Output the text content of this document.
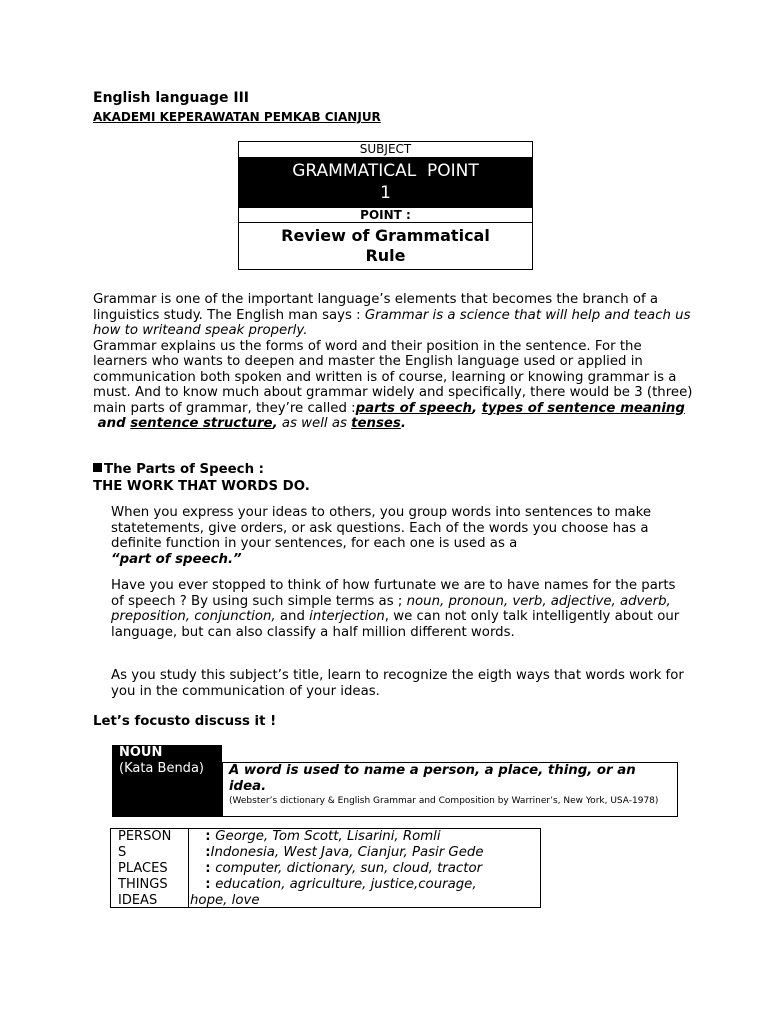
English language III
AKADEMI KEPERAWATAN PEMKAB CIANJUR
SUBJECT
GRAMMATICAL  POINT
1
POINT :
Review of Grammatical
Rule
Grammar is one of the important language’s elements that becomes the branch of a linguistics study. The English man says : Grammar is a science that will help and teach us how to writeand speak properly.
Grammar explains us the forms of word and their position in the sentence. For the learners who wants to deepen and master the English language used or applied in communication both spoken and written is of course, learning or knowing grammar is a must. And to know much about grammar widely and specifically, there would be 3 (three) main parts of grammar, they’re called :parts of speech, types of sentence meaning and sentence structure, as well as tenses.
The Parts of Speech :
THE WORK THAT WORDS DO.
When you express your ideas to others, you group words into sentences to make statetements, give orders, or ask questions. Each of the words you choose has a definite function in your sentences, for each one is used as a
“part of speech.”
Have you ever stopped to think of how furtunate we are to have names for the parts of speech ? By using such simple terms as ; noun, pronoun, verb, adjective, adverb, preposition, conjunction, and interjection, we can not only talk intelligently about our language, but can also classify a half million different words.
As you study this subject’s title, learn to recognize the eigth ways that words work for you in the communication of your ideas.
Let’s focusto discuss it !
NOUN
(Kata Benda)	A word is used to name a person, a place, thing, or an idea.
(Webster’s dictionary & English Grammar and Composition by Warriner’s, New York, USA-1978)
PERSON
S
PLACES
THINGS
IDEAS
: George, Tom Scott, Lisarini, Romli
:Indonesia, West Java, Cianjur, Pasir Gede
: computer, dictionary, sun, cloud, tractor
: education, agriculture, justice,courage,
hope, love
